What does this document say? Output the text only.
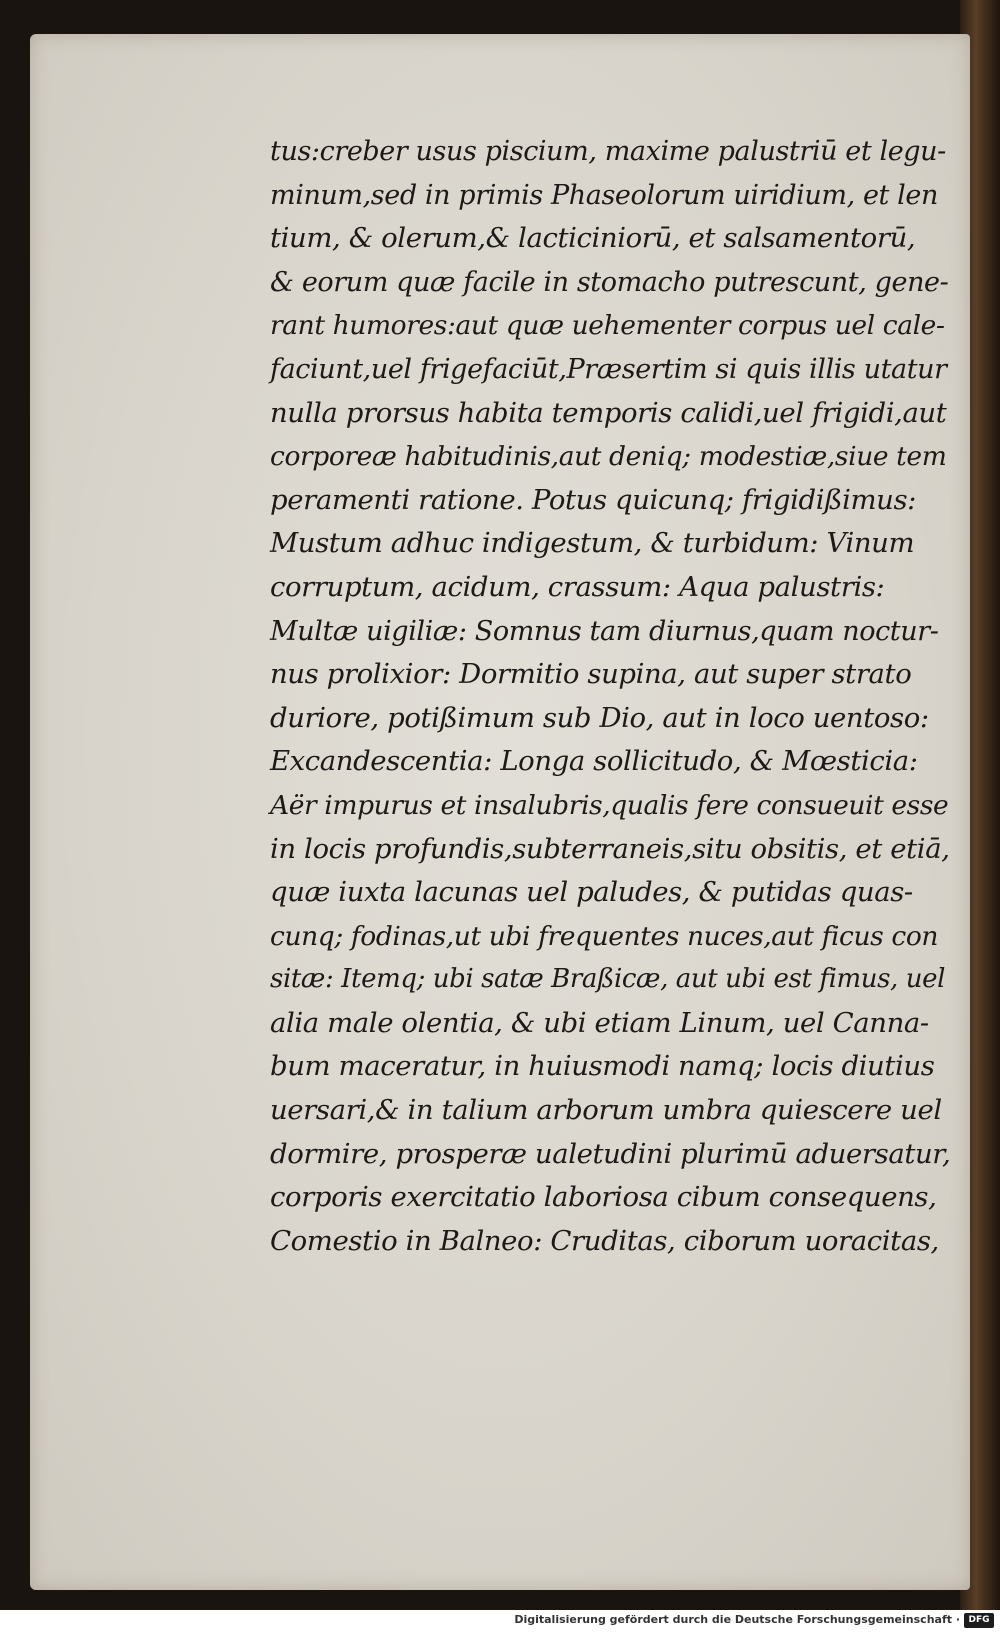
tus:creber usus piscium, maxime palustriū et legu-
minum,sed in primis Phaseolorum uiridium, et len
tium, & olerum,& lacticiniorū, et salsamentorū,
& eorum quæ facile in stomacho putrescunt, gene-
rant humores:aut quæ uehementer corpus uel cale-
faciunt,uel frigefaciūt,Præsertim si quis illis utatur
nulla prorsus habita temporis calidi,uel frigidi,aut
corporeæ habitudinis,aut deniq; modestiæ,siue tem
peramenti ratione. Potus quicunq; frigidißimus:
Mustum adhuc indigestum, & turbidum: Vinum
corruptum, acidum, crassum: Aqua palustris:
Multæ uigiliæ: Somnus tam diurnus,quam noctur-
nus prolixior: Dormitio supina, aut super strato
duriore, potißimum sub Dio, aut in loco uentoso:
Excandescentia: Longa sollicitudo, & Mœsticia:
Aër impurus et insalubris,qualis fere consueuit esse
in locis profundis,subterraneis,situ obsitis, et etiā,
quæ iuxta lacunas uel paludes, & putidas quas-
cunq; fodinas,ut ubi frequentes nuces,aut ficus con
sitæ: Itemq; ubi satæ Braßicæ, aut ubi est fimus, uel
alia male olentia, & ubi etiam Linum, uel Canna-
bum maceratur, in huiusmodi namq; locis diutius
uersari,& in talium arborum umbra quiescere uel
dormire, prosperæ ualetudini plurimū aduersatur,
corporis exercitatio laboriosa cibum consequens,
Comestio in Balneo: Cruditas, ciborum uoracitas,
Digitalisierung gefördert durch die Deutsche Forschungsgemeinschaft · DFG
